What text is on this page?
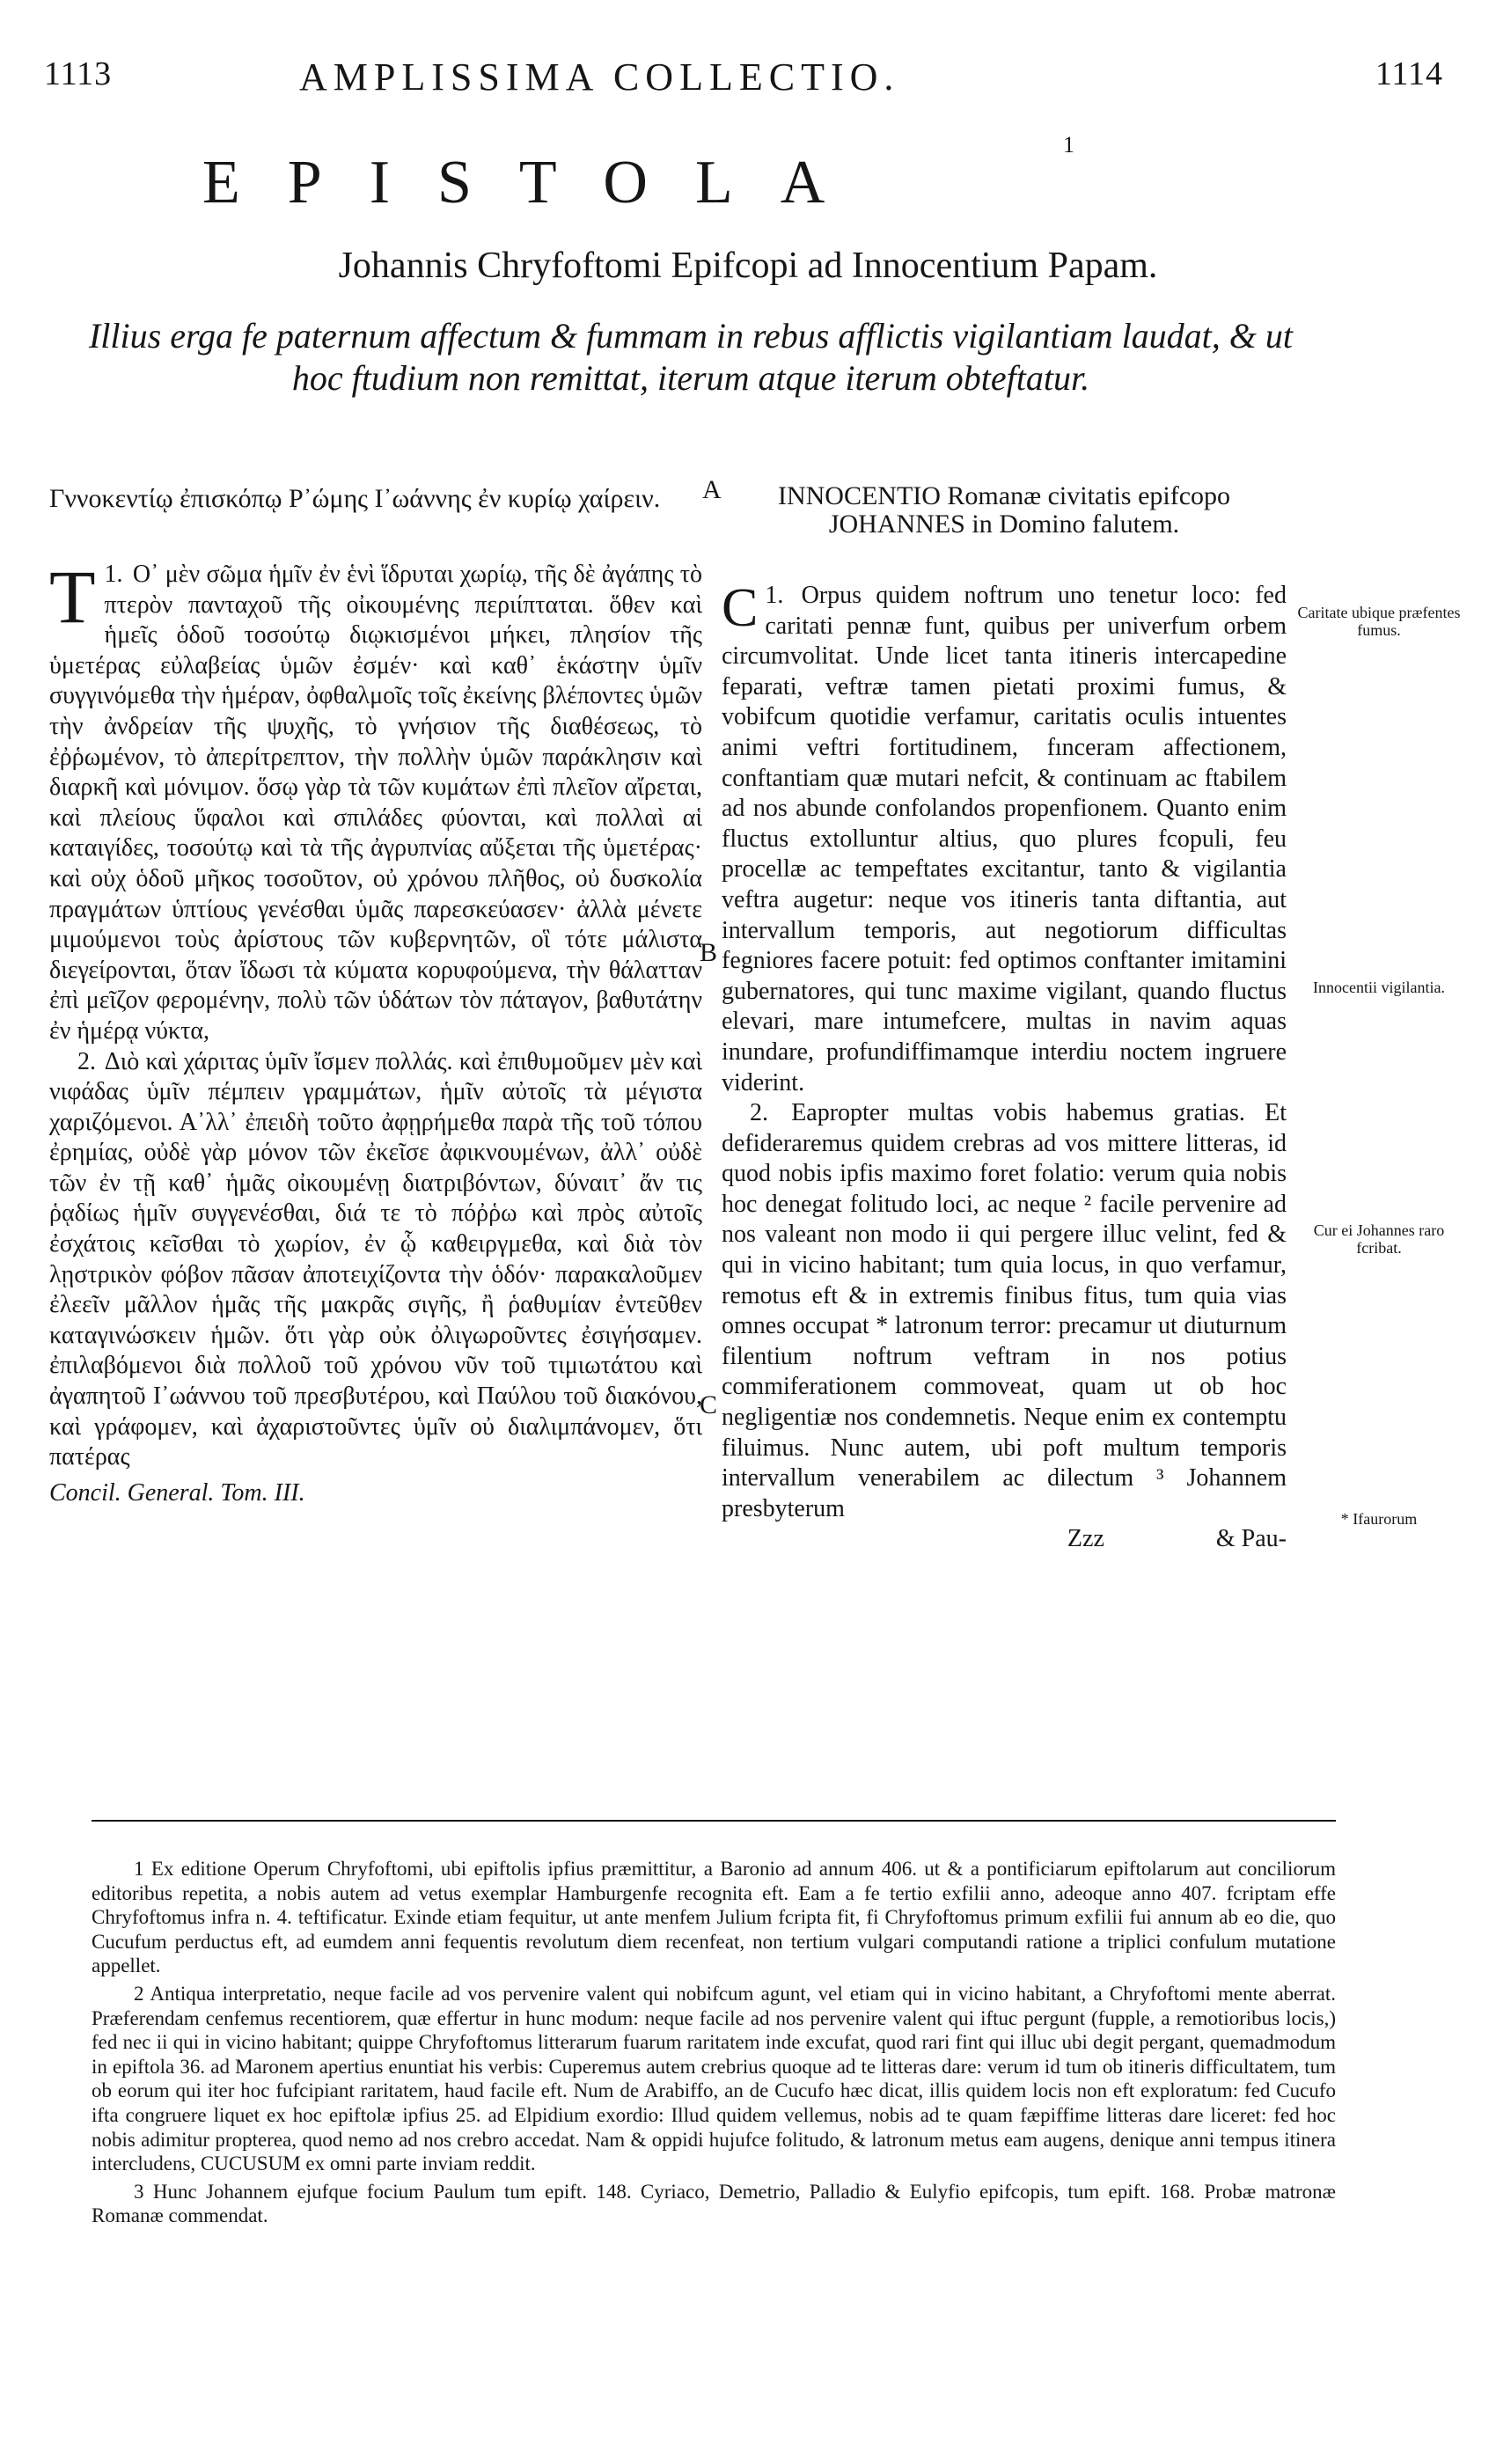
1113	AMPLISSIMA COLLECTIO.	1114
EPISTOLA
1
Johannis Chryfoftomi Epifcopi ad Innocentium Papam.
Illius erga fe paternum affectum & fummam in rebus afflictis vigilantiam laudat, & ut hoc ftudium non remittat, iterum atque iterum obteftatur.
A
B
C

Γννοκεντίῳ ἐπισκόπῳ Ρ᾽ώμης Ι᾽ωάννης ἐν κυρίῳ χαίρειν.

1.
T	Ο᾽ μὲν σῶμα ἡμῖν ἐν ἑνὶ ἵδρυται χωρίῳ, τῆς δὲ ἀγάπης τὸ πτερὸν πανταχοῦ τῆς οἰκουμένης περιίπταται. ὅθεν καὶ ἡμεῖς ὁδοῦ τοσούτῳ διῳκισμένοι μήκει, πλησίον τῆς ὑμετέρας εὐλαβείας ὑμῶν ἐσμέν· καὶ καθ᾽ ἑκάστην ὑμῖν συγγινόμεθα τὴν ἡμέραν, ὀφθαλμοῖς τοῖς ἐκείνης βλέποντες ὑμῶν τὴν ἀνδρείαν τῆς ψυχῆς, τὸ γνήσιον τῆς διαθέσεως, τὸ ἐῤῥωμένον, τὸ ἀπερίτρεπτον, τὴν πολλὴν ὑμῶν παράκλησιν καὶ διαρκῆ καὶ μόνιμον. ὅσῳ γὰρ τὰ τῶν κυμάτων ἐπὶ πλεῖον αἴρεται, καὶ πλείους ὕφαλοι καὶ σπιλάδες φύονται, καὶ πολλαὶ αἱ καταιγίδες, τοσούτῳ καὶ τὰ τῆς ἀγρυπνίας αὔξεται τῆς ὑμετέρας· καὶ οὐχ ὁδοῦ μῆκος τοσοῦτον, οὐ χρόνου πλῆθος, οὐ δυσκολία πραγμάτων ὑπτίους γενέσθαι ὑμᾶς παρεσκεύασεν· ἀλλὰ μένετε μιμούμενοι τοὺς ἀρίστους τῶν κυβερνητῶν, οἳ τότε μάλιστα διεγείρονται, ὅταν ἴδωσι τὰ κύματα κορυφούμενα, τὴν θάλατταν ἐπὶ μεῖζον φερομένην, πολὺ τῶν ὑδάτων τὸν πάταγον, βαθυτάτην ἐν ἡμέρᾳ νύκτα,

2. Διὸ καὶ χάριτας ὑμῖν ἴσμεν πολλάς. καὶ ἐπιθυμοῦμεν μὲν καὶ νιφάδας ὑμῖν πέμπειν γραμμάτων, ἡμῖν αὐτοῖς τὰ μέγιστα χαριζόμενοι. Α᾽λλ᾽ ἐπειδὴ τοῦτο ἀφῃρήμεθα παρὰ τῆς τοῦ τόπου ἐρημίας, οὐδὲ γὰρ μόνον τῶν ἐκεῖσε ἀφικνουμένων, ἀλλ᾽ οὐδὲ τῶν ἐν τῇ καθ᾽ ἡμᾶς οἰκουμένῃ διατριβόντων, δύναιτ᾽ ἄν τις ῥᾳδίως ἡμῖν συγγενέσθαι, διά τε τὸ πόῤῥω καὶ πρὸς αὐτοῖς ἐσχάτοις κεῖσθαι τὸ χωρίον, ἐν ᾧ καθειργμεθα, καὶ διὰ τὸν λῃστρικὸν φόβον πᾶσαν ἀποτειχίζοντα τὴν ὁδόν· παρακαλοῦμεν ἐλεεῖν μᾶλλον ἡμᾶς τῆς μακρᾶς σιγῆς, ἢ ῥαθυμίαν ἐντεῦθεν καταγινώσκειν ἡμῶν. ὅτι γὰρ οὐκ ὀλιγωροῦντες ἐσιγήσαμεν. ἐπιλαβόμενοι διὰ πολλοῦ τοῦ χρόνου νῦν τοῦ τιμιωτάτου καὶ ἀγαπητοῦ Ι᾽ωάννου τοῦ πρεσβυτέρου, καὶ Παύλου τοῦ διακόνου, καὶ γράφομεν, καὶ ἀχαριστοῦντες ὑμῖν οὐ διαλιμπάνομεν, ὅτι πατέρας

Concil. General. Tom. III.

INNOCENTIO Romanæ civitatis epifcopo JOHANNES in Domino falutem.

1.
C Orpus quidem noftrum uno tenetur loco: fed caritati pennæ funt, quibus per univerfum orbem circumvolitat. Unde licet tanta itineris intercapedine feparati, veftræ tamen pietati proximi fumus, & vobifcum quotidie verfamur, caritatis oculis intuentes animi veftri fortitudinem, fınceram affectionem, conftantiam quæ mutari nefcit, & continuam ac ftabilem ad nos abunde confolandos propenfionem. Quanto enim fluctus extolluntur altius, quo plures fcopuli, feu procellæ ac tempeftates excitantur, tanto & vigilantia veftra augetur: neque vos itineris tanta diftantia, aut intervallum temporis, aut negotiorum difficultas fegniores facere potuit: fed optimos conftanter imitamini gubernatores, qui tunc maxime vigilant, quando fluctus elevari, mare intumefcere, multas in navim aquas inundare, profundiffimamque interdiu noctem ingruere viderint.

2. Eapropter multas vobis habemus gratias. Et defideraremus quidem crebras ad vos mittere litteras, id quod nobis ipfis maximo foret folatio: verum quia nobis hoc denegat folitudo loci, ac neque ² facile pervenire ad nos valeant non modo ii qui pergere illuc velint, fed & qui in vicino habitant; tum quia locus, in quo verfamur, remotus eft & in extremis finibus fitus, tum quia vias omnes occupat * latronum terror: precamur ut diuturnum filentium noftrum veftram in nos potius commiferationem commoveat, quam ut ob hoc negligentiæ nos condemnetis. Neque enim ex contemptu filuimus. Nunc autem, ubi poft multum temporis intervallum venerabilem ac dilectum ³ Johannem presbyterum

Zzz	& Pau-

Caritate ubique præfentes fumus.
Innocentii vigilantia.
Cur ei Johannes raro fcribat.
* Ifaurorum

1 Ex editione Operum Chryfoftomi, ubi epiftolis ipfius præmittitur, a Baronio ad annum 406. ut & a pontificiarum epiftolarum aut conciliorum editoribus repetita, a nobis autem ad vetus exemplar Hamburgenfe recognita eft. Eam a fe tertio exfilii anno, adeoque anno 407. fcriptam effe Chryfoftomus infra n. 4. teftificatur. Exinde etiam fequitur, ut ante menfem Julium fcripta fit, fi Chryfoftomus primum exfilii fui annum ab eo die, quo Cucufum perductus eft, ad eumdem anni fequentis revolutum diem recenfeat, non tertium vulgari computandi ratione a triplici confulum mutatione appellet.

2 Antiqua interpretatio, neque facile ad vos pervenire valent qui nobifcum agunt, vel etiam qui in vicino habitant, a Chryfoftomi mente aberrat. Præferendam cenfemus recentiorem, quæ effertur in hunc modum: neque facile ad nos pervenire valent qui iftuc pergunt (fupple, a remotioribus locis,) fed nec ii qui in vicino habitant; quippe Chryfoftomus litterarum fuarum raritatem inde excufat, quod rari fint qui illuc ubi degit pergant, quemadmodum in epiftola 36. ad Maronem apertius enuntiat his verbis: Cuperemus autem crebrius quoque ad te litteras dare: verum id tum ob itineris difficultatem, tum ob eorum qui iter hoc fufcipiant raritatem, haud facile eft. Num de Arabiffo, an de Cucufo hæc dicat, illis quidem locis non eft exploratum: fed Cucufo ifta congruere liquet ex hoc epiftolæ ipfius 25. ad Elpidium exordio: Illud quidem vellemus, nobis ad te quam fæpiffime litteras dare liceret: fed hoc nobis adimitur propterea, quod nemo ad nos crebro accedat. Nam & oppidi hujufce folitudo, & latronum metus eam augens, denique anni tempus itinera intercludens, CUCUSUM ex omni parte inviam reddit.

3 Hunc Johannem ejufque focium Paulum tum epift. 148. Cyriaco, Demetrio, Palladio & Eulyfio epifcopis, tum epift. 168. Probæ matronæ Romanæ commendat.
